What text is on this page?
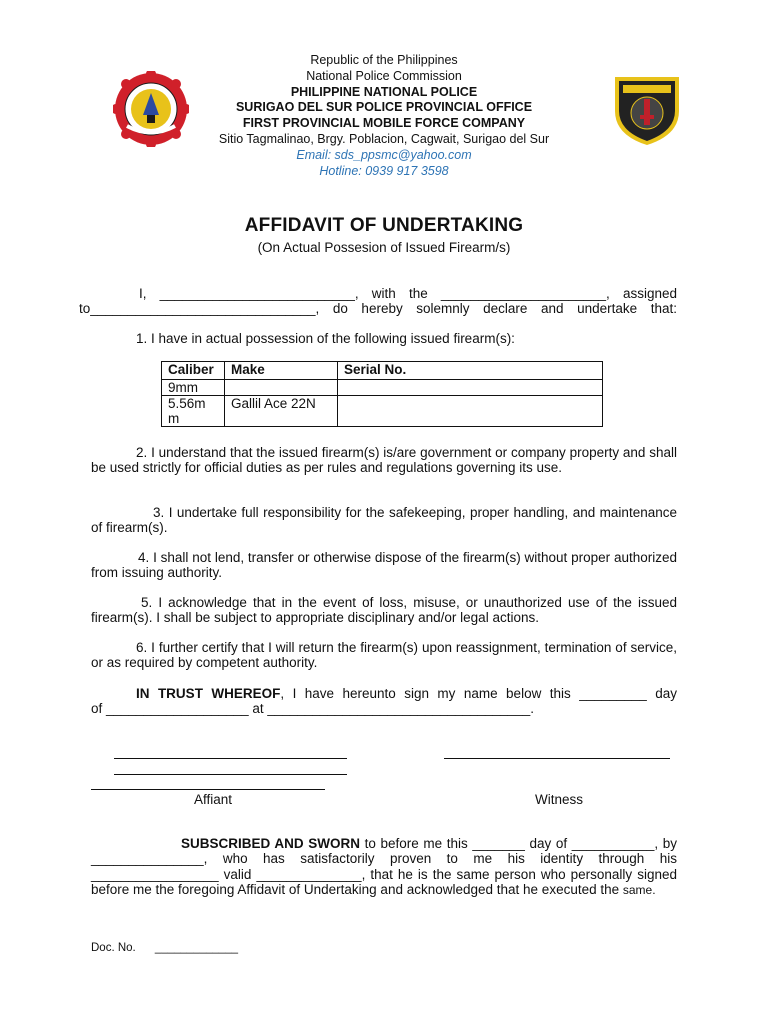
Republic of the Philippines
National Police Commission
PHILIPPINE NATIONAL POLICE
SURIGAO DEL SUR POLICE PROVINCIAL OFFICE
FIRST PROVINCIAL MOBILE FORCE COMPANY
Sitio Tagmalinao, Brgy. Poblacion, Cagwait, Surigao del Sur
Email: sds_ppsmc@yahoo.com
Hotline: 0939 917 3598
AFFIDAVIT OF UNDERTAKING
(On Actual Possesion of Issued Firearm/s)
I, __________________________, with the ______________________, assigned
to______________________________, do hereby solemnly declare and undertake that:
1. I have in actual possession of the following issued firearm(s):
Caliber	Make	Serial No.
9mm		
5.56m m	Gallil Ace 22N	
2. I understand that the issued firearm(s) is/are government or company property and shall be used strictly for official duties as per rules and regulations governing its use.
3. I undertake full responsibility for the safekeeping, proper handling, and maintenance of firearm(s).
4. I shall not lend, transfer or otherwise dispose of the firearm(s) without proper authorized from issuing authority.
5. I acknowledge that in the event of loss, misuse, or unauthorized use of the issued firearm(s). I shall be subject to appropriate disciplinary and/or legal actions.
6. I further certify that I will return the firearm(s) upon reassignment, termination of service, or as required by competent authority.
IN TRUST WHEREOF, I have hereunto sign my name below this _________ day
of ___________________ at ___________________________________.
Affiant	Witness
SUBSCRIBED AND SWORN to before me this _______ day of ___________, by _______________, who has satisfactorily proven to me his identity through his _________________ valid ______________, that he is the same person who personally signed before me the foregoing Affidavit of Undertaking and acknowledged that he executed the same.
Doc. No. _____________
